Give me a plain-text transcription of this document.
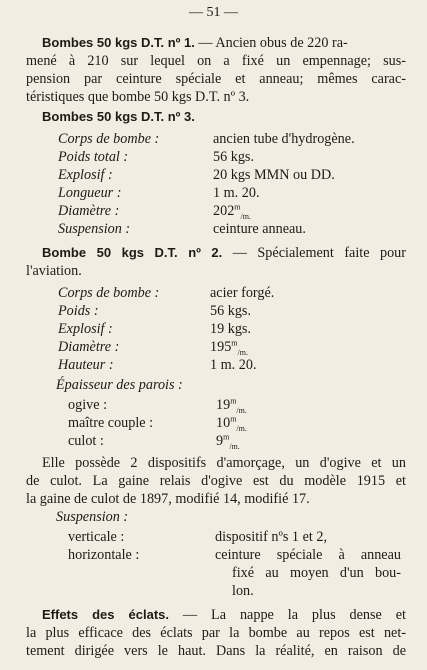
— 51 —
Bombes 50 kgs D.T. nº 1. — Ancien obus de 220 ra-
mené à 210 sur lequel on a fixé un empennage; sus-
pension par ceinture spéciale et anneau; mêmes carac-
téristiques que bombe 50 kgs D.T. nº 3.
Bombes 50 kgs D.T. nº 3.
Corps de bombe :	ancien tube d'hydrogène.
Poids total :	56 kgs.
Explosif :	20 kgs MMN ou DD.
Longueur :	1 m. 20.
Diamètre :	$202^m_{/m.}$
Suspension :	ceinture anneau.
Bombe 50 kgs D.T. nº 2. — Spécialement faite pour
l'aviation.
Corps de bombe :	acier forgé.
Poids :	56 kgs.
Explosif :	19 kgs.
Diamètre :	$195^m_{/m.}$
Hauteur :	1 m. 20.
Épaisseur des parois :
ogive :	$19^m_{/m.}$
maître couple :	$10^m_{/m.}$
culot :	$9^m_{/m.}$
Elle possède 2 dispositifs d'amorçage, un d'ogive et un
de culot. La gaine relais d'ogive est du modèle 1915 et
la gaine de culot de 1897, modifié 14, modifié 17.
Suspension :
verticale :	dispositif nºs 1 et 2,
horizontale :	ceinture spéciale à anneau
fixé au moyen d'un bou-
lon.
Effets des éclats. — La nappe la plus dense et
la plus efficace des éclats par la bombe au repos est net-
tement dirigée vers le haut. Dans la réalité, en raison de
